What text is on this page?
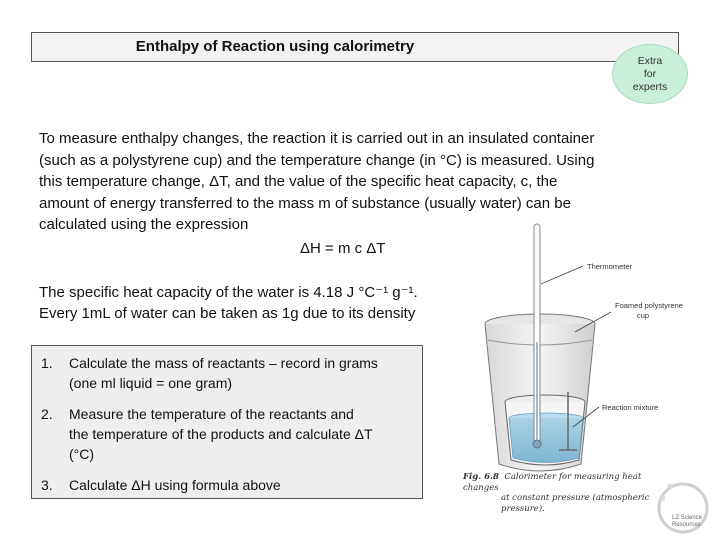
Enthalpy of Reaction using calorimetry
Extra
for
experts
To measure enthalpy changes, the reaction it is carried out in an insulated container
(such as a polystyrene cup) and the temperature change (in °C) is measured. Using
this temperature change, ΔT, and the value of the specific heat capacity, c, the
amount of energy transferred to the mass m of substance (usually water) can be
calculated using the expression
ΔH = m c ΔT
The specific heat capacity of the water is 4.18 J °C⁻¹ g⁻¹.
Every 1mL of water can be taken as 1g due to its density
1.	Calculate the mass of reactants – record in grams
(one ml liquid = one gram)
2.	Measure the temperature of the reactants and
the temperature of the products and calculate ΔT
(°C)
3.	Calculate ΔH using formula above
Thermometer
Foamed polystyrene
cup
Reaction mixture
Fig. 6.8 Calorimeter for measuring heat changes
at constant pressure (atmospheric
pressure).
LZ Science
Resources
